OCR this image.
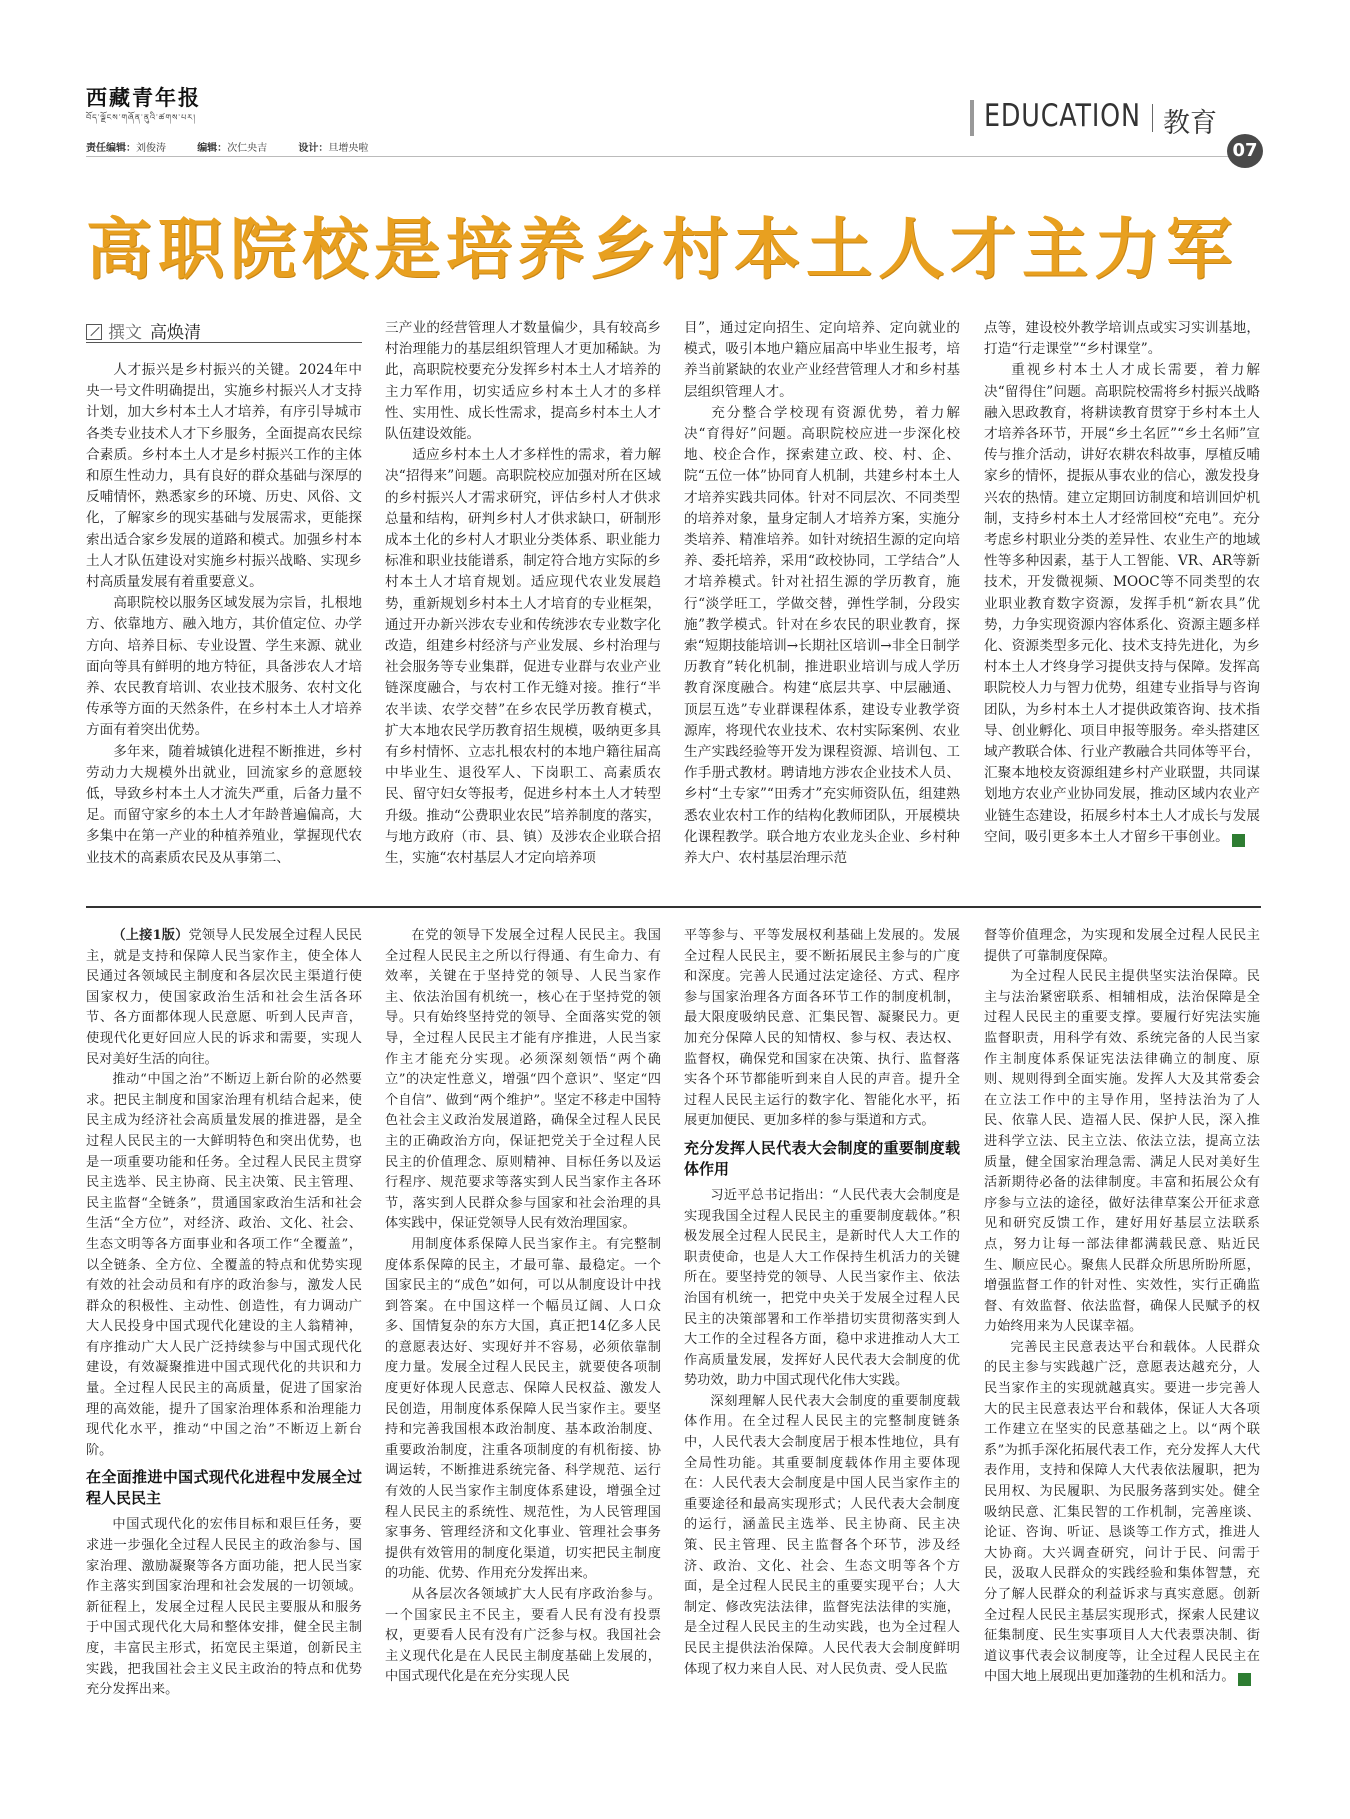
西藏青年报
བོད་ལྗོངས་གཞོན་ནུའི་ཚགས་པར།
责任编辑：刘俊涛	编辑：次仁央吉	设计：旦增央啦
EDUCATION 教育
07
高职院校是培养乡村本土人才主力军
撰文 高焕清

人才振兴是乡村振兴的关键。2024年中央一号文件明确提出，实施乡村振兴人才支持计划，加大乡村本土人才培养，有序引导城市各类专业技术人才下乡服务，全面提高农民综合素质。乡村本土人才是乡村振兴工作的主体和原生性动力，具有良好的群众基础与深厚的反哺情怀，熟悉家乡的环境、历史、风俗、文化，了解家乡的现实基础与发展需求，更能探索出适合家乡发展的道路和模式。加强乡村本土人才队伍建设对实施乡村振兴战略、实现乡村高质量发展有着重要意义。

高职院校以服务区域发展为宗旨，扎根地方、依靠地方、融入地方，其价值定位、办学方向、培养目标、专业设置、学生来源、就业面向等具有鲜明的地方特征，具备涉农人才培养、农民教育培训、农业技术服务、农村文化传承等方面的天然条件，在乡村本土人才培养方面有着突出优势。

多年来，随着城镇化进程不断推进，乡村劳动力大规模外出就业，回流家乡的意愿较低，导致乡村本土人才流失严重，后备力量不足。而留守家乡的本土人才年龄普遍偏高，大多集中在第一产业的种植养殖业，掌握现代农业技术的高素质农民及从事第二、

三产业的经营管理人才数量偏少，具有较高乡村治理能力的基层组织管理人才更加稀缺。为此，高职院校要充分发挥乡村本土人才培养的主力军作用，切实适应乡村本土人才的多样性、实用性、成长性需求，提高乡村本土人才队伍建设效能。

适应乡村本土人才多样性的需求，着力解决“招得来”问题。高职院校应加强对所在区域的乡村振兴人才需求研究，评估乡村人才供求总量和结构，研判乡村人才供求缺口，研制形成本土化的乡村人才职业分类体系、职业能力标准和职业技能谱系，制定符合地方实际的乡村本土人才培育规划。适应现代农业发展趋势，重新规划乡村本土人才培育的专业框架，通过开办新兴涉农专业和传统涉农专业数字化改造，组建乡村经济与产业发展、乡村治理与社会服务等专业集群，促进专业群与农业产业链深度融合，与农村工作无缝对接。推行“半农半读、农学交替”在乡农民学历教育模式，扩大本地农民学历教育招生规模，吸纳更多具有乡村情怀、立志扎根农村的本地户籍往届高中毕业生、退役军人、下岗职工、高素质农民、留守妇女等报考，促进乡村本土人才转型升级。推动“公费职业农民”培养制度的落实，与地方政府（市、县、镇）及涉农企业联合招生，实施“农村基层人才定向培养项

目”，通过定向招生、定向培养、定向就业的模式，吸引本地户籍应届高中毕业生报考，培养当前紧缺的农业产业经营管理人才和乡村基层组织管理人才。

充分整合学校现有资源优势，着力解决“育得好”问题。高职院校应进一步深化校地、校企合作，探索建立政、校、村、企、院“五位一体”协同育人机制，共建乡村本土人才培养实践共同体。针对不同层次、不同类型的培养对象，量身定制人才培养方案，实施分类培养、精准培养。如针对统招生源的定向培养、委托培养，采用“政校协同，工学结合”人才培养模式。针对社招生源的学历教育，施行“淡学旺工，学做交替，弹性学制，分段实施”教学模式。针对在乡农民的职业教育，探索“短期技能培训→长期社区培训→非全日制学历教育”转化机制，推进职业培训与成人学历教育深度融合。构建“底层共享、中层融通、顶层互选”专业群课程体系，建设专业教学资源库，将现代农业技术、农村实际案例、农业生产实践经验等开发为课程资源、培训包、工作手册式教材。聘请地方涉农企业技术人员、乡村“土专家”“田秀才”充实师资队伍，组建熟悉农业农村工作的结构化教师团队，开展模块化课程教学。联合地方农业龙头企业、乡村种养大户、农村基层治理示范

点等，建设校外教学培训点或实习实训基地，打造“行走课堂”“乡村课堂”。

重视乡村本土人才成长需要，着力解决“留得住”问题。高职院校需将乡村振兴战略融入思政教育，将耕读教育贯穿于乡村本土人才培养各环节，开展“乡土名匠”“乡土名师”宣传与推介活动，讲好农耕农科故事，厚植反哺家乡的情怀，提振从事农业的信心，激发投身兴农的热情。建立定期回访制度和培训回炉机制，支持乡村本土人才经常回校“充电”。充分考虑乡村职业分类的差异性、农业生产的地域性等多种因素，基于人工智能、VR、AR等新技术，开发微视频、MOOC等不同类型的农业职业教育数字资源，发挥手机“新农具”优势，力争实现资源内容体系化、资源主题多样化、资源类型多元化、技术支持先进化，为乡村本土人才终身学习提供支持与保障。发挥高职院校人力与智力优势，组建专业指导与咨询团队，为乡村本土人才提供政策咨询、技术指导、创业孵化、项目申报等服务。牵头搭建区域产教联合体、行业产教融合共同体等平台，汇聚本地校友资源组建乡村产业联盟，共同谋划地方农业产业协同发展，推动区域内农业产业链生态建设，拓展乡村本土人才成长与发展空间，吸引更多本土人才留乡干事创业。	Y

（上接1版）党领导人民发展全过程人民民主，就是支持和保障人民当家作主，使全体人民通过各领域民主制度和各层次民主渠道行使国家权力，使国家政治生活和社会生活各环节、各方面都体现人民意愿、听到人民声音，使现代化更好回应人民的诉求和需要，实现人民对美好生活的向往。

推动“中国之治”不断迈上新台阶的必然要求。把民主制度和国家治理有机结合起来，使民主成为经济社会高质量发展的推进器，是全过程人民民主的一大鲜明特色和突出优势，也是一项重要功能和任务。全过程人民民主贯穿民主选举、民主协商、民主决策、民主管理、民主监督“全链条”，贯通国家政治生活和社会生活“全方位”，对经济、政治、文化、社会、生态文明等各方面事业和各项工作“全覆盖”，以全链条、全方位、全覆盖的特点和优势实现有效的社会动员和有序的政治参与，激发人民群众的积极性、主动性、创造性，有力调动广大人民投身中国式现代化建设的主人翁精神，有序推动广大人民广泛持续参与中国式现代化建设，有效凝聚推进中国式现代化的共识和力量。全过程人民民主的高质量，促进了国家治理的高效能，提升了国家治理体系和治理能力现代化水平，推动“中国之治”不断迈上新台阶。

在全面推进中国式现代化进程中发展全过程人民民主

中国式现代化的宏伟目标和艰巨任务，要求进一步强化全过程人民民主的政治参与、国家治理、激励凝聚等各方面功能，把人民当家作主落实到国家治理和社会发展的一切领域。新征程上，发展全过程人民民主要服从和服务于中国式现代化大局和整体安排，健全民主制度，丰富民主形式，拓宽民主渠道，创新民主实践，把我国社会主义民主政治的特点和优势充分发挥出来。

在党的领导下发展全过程人民民主。我国全过程人民民主之所以行得通、有生命力、有效率，关键在于坚持党的领导、人民当家作主、依法治国有机统一，核心在于坚持党的领导。只有始终坚持党的领导、全面落实党的领导，全过程人民民主才能有序推进，人民当家作主才能充分实现。必须深刻领悟“两个确立”的决定性意义，增强“四个意识”、坚定“四个自信”、做到“两个维护”。坚定不移走中国特色社会主义政治发展道路，确保全过程人民民主的正确政治方向，保证把党关于全过程人民民主的价值理念、原则精神、目标任务以及运行程序、规范要求等落实到人民当家作主各环节，落实到人民群众参与国家和社会治理的具体实践中，保证党领导人民有效治理国家。

用制度体系保障人民当家作主。有完整制度体系保障的民主，才最可靠、最稳定。一个国家民主的“成色”如何，可以从制度设计中找到答案。在中国这样一个幅员辽阔、人口众多、国情复杂的东方大国，真正把14亿多人民的意愿表达好、实现好并不容易，必须依靠制度力量。发展全过程人民民主，就要使各项制度更好体现人民意志、保障人民权益、激发人民创造，用制度体系保障人民当家作主。要坚持和完善我国根本政治制度、基本政治制度、重要政治制度，注重各项制度的有机衔接、协调运转，不断推进系统完备、科学规范、运行有效的人民当家作主制度体系建设，增强全过程人民民主的系统性、规范性，为人民管理国家事务、管理经济和文化事业、管理社会事务提供有效管用的制度化渠道，切实把民主制度的功能、优势、作用充分发挥出来。

从各层次各领域扩大人民有序政治参与。一个国家民主不民主，要看人民有没有投票权，更要看人民有没有广泛参与权。我国社会主义现代化是在人民民主制度基础上发展的，中国式现代化是在充分实现人民

平等参与、平等发展权利基础上发展的。发展全过程人民民主，要不断拓展民主参与的广度和深度。完善人民通过法定途径、方式、程序参与国家治理各方面各环节工作的制度机制，最大限度吸纳民意、汇集民智、凝聚民力。更加充分保障人民的知情权、参与权、表达权、监督权，确保党和国家在决策、执行、监督落实各个环节都能听到来自人民的声音。提升全过程人民民主运行的数字化、智能化水平，拓展更加便民、更加多样的参与渠道和方式。

充分发挥人民代表大会制度的重要制度载体作用

习近平总书记指出：“人民代表大会制度是实现我国全过程人民民主的重要制度载体。”积极发展全过程人民民主，是新时代人大工作的职责使命，也是人大工作保持生机活力的关键所在。要坚持党的领导、人民当家作主、依法治国有机统一，把党中央关于发展全过程人民民主的决策部署和工作举措切实贯彻落实到人大工作的全过程各方面，稳中求进推动人大工作高质量发展，发挥好人民代表大会制度的优势功效，助力中国式现代化伟大实践。

深刻理解人民代表大会制度的重要制度载体作用。在全过程人民民主的完整制度链条中，人民代表大会制度居于根本性地位，具有全局性功能。其重要制度载体作用主要体现在：人民代表大会制度是中国人民当家作主的重要途径和最高实现形式；人民代表大会制度的运行，涵盖民主选举、民主协商、民主决策、民主管理、民主监督各个环节，涉及经济、政治、文化、社会、生态文明等各个方面，是全过程人民民主的重要实现平台；人大制定、修改宪法法律，监督宪法法律的实施，是全过程人民民主的生动实践，也为全过程人民民主提供法治保障。人民代表大会制度鲜明体现了权力来自人民、对人民负责、受人民监

督等价值理念，为实现和发展全过程人民民主提供了可靠制度保障。

为全过程人民民主提供坚实法治保障。民主与法治紧密联系、相辅相成，法治保障是全过程人民民主的重要支撑。要履行好宪法实施监督职责，用科学有效、系统完备的人民当家作主制度体系保证宪法法律确立的制度、原则、规则得到全面实施。发挥人大及其常委会在立法工作中的主导作用，坚持法治为了人民、依靠人民、造福人民、保护人民，深入推进科学立法、民主立法、依法立法，提高立法质量，健全国家治理急需、满足人民对美好生活新期待必备的法律制度。丰富和拓展公众有序参与立法的途径，做好法律草案公开征求意见和研究反馈工作，建好用好基层立法联系点，努力让每一部法律都满载民意、贴近民生、顺应民心。聚焦人民群众所思所盼所愿，增强监督工作的针对性、实效性，实行正确监督、有效监督、依法监督，确保人民赋予的权力始终用来为人民谋幸福。

完善民主民意表达平台和载体。人民群众的民主参与实践越广泛，意愿表达越充分，人民当家作主的实现就越真实。要进一步完善人大的民主民意表达平台和载体，保证人大各项工作建立在坚实的民意基础之上。以“两个联系”为抓手深化拓展代表工作，充分发挥人大代表作用，支持和保障人大代表依法履职，把为民用权、为民履职、为民服务落到实处。健全吸纳民意、汇集民智的工作机制，完善座谈、论证、咨询、听证、恳谈等工作方式，推进人大协商。大兴调查研究，问计于民、问需于民，汲取人民群众的实践经验和集体智慧，充分了解人民群众的利益诉求与真实意愿。创新全过程人民民主基层实现形式，探索人民建议征集制度、民生实事项目人大代表票决制、街道议事代表会议制度等，让全过程人民民主在中国大地上展现出更加蓬勃的生机和活力。	Y
